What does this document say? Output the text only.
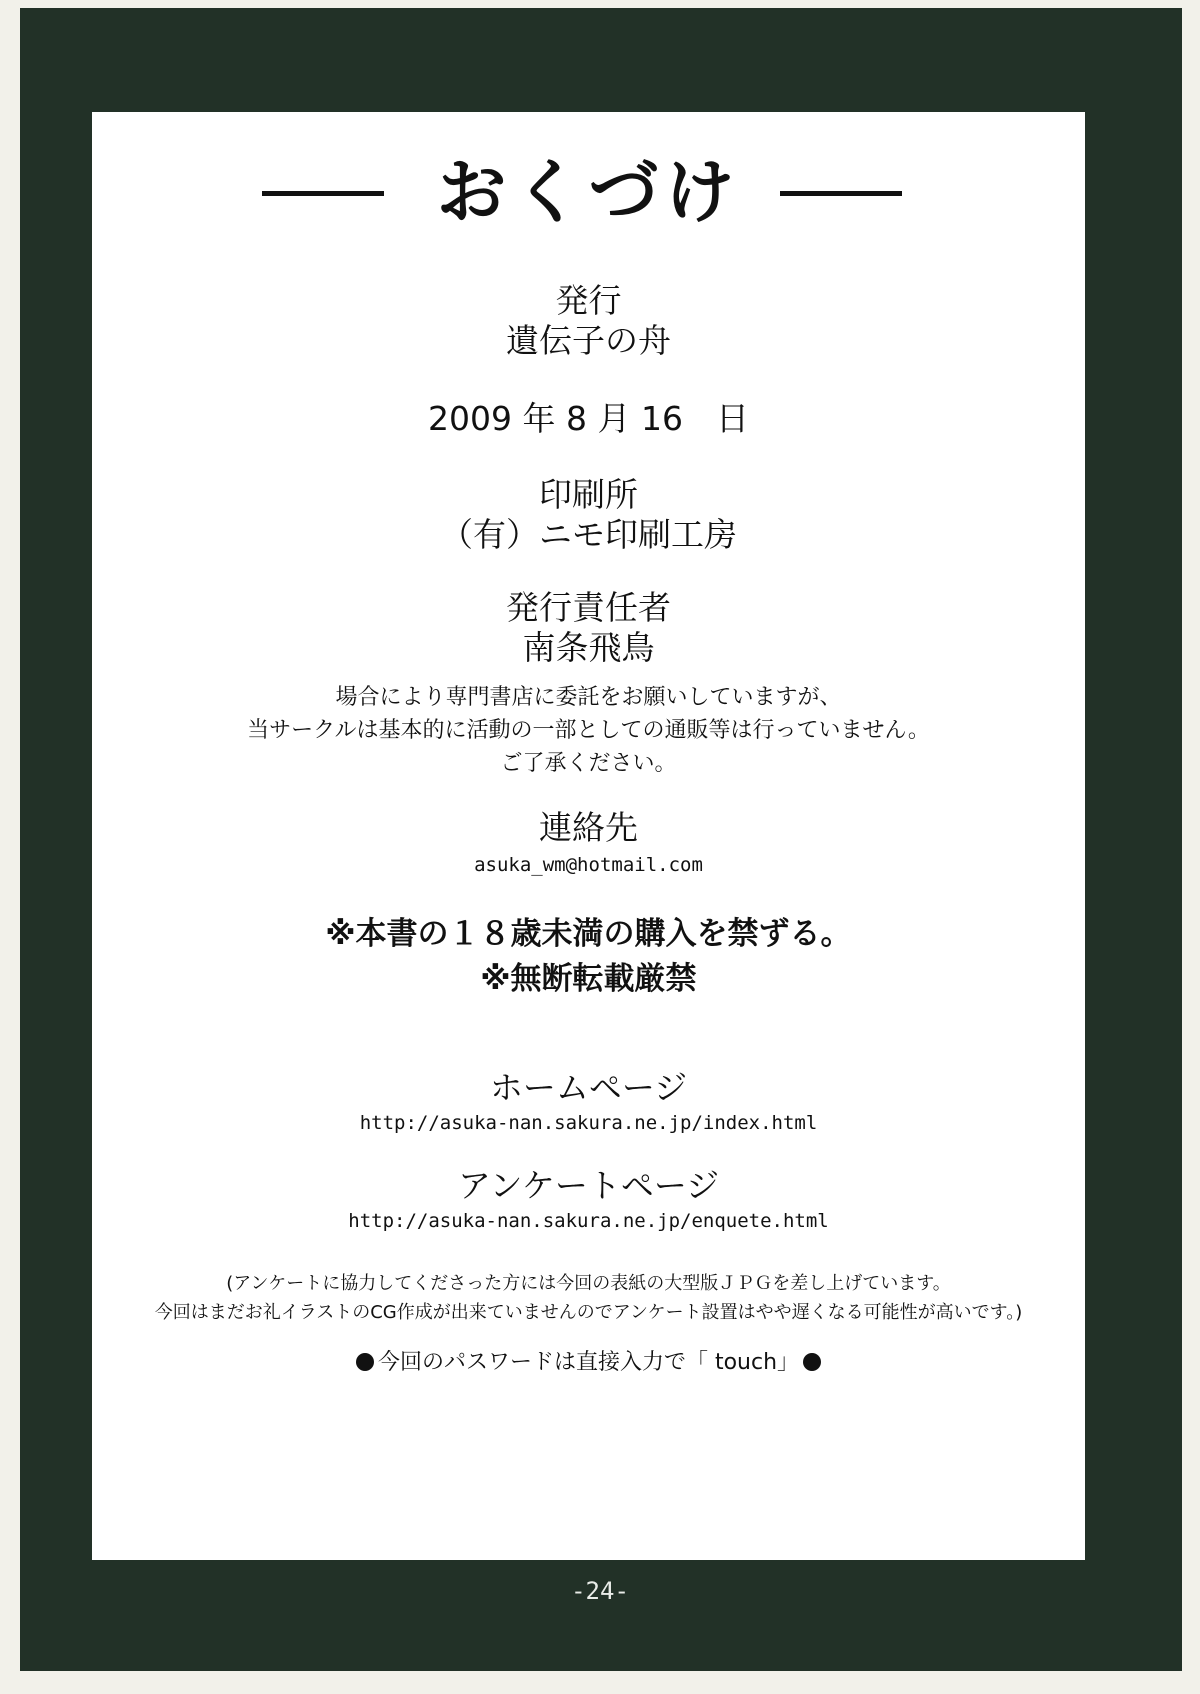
おくづけ
発行
遺伝子の舟
2009 年 8 月 16　日
印刷所
（有）ニモ印刷工房
発行責任者
南条飛鳥
場合により専門書店に委託をお願いしていますが、
当サークルは基本的に活動の一部としての通販等は行っていません。
ご了承ください。
連絡先
asuka_wm@hotmail.com
※本書の１８歳未満の購入を禁ずる。
※無断転載厳禁
ホームページ
http://asuka-nan.sakura.ne.jp/index.html
アンケートページ
http://asuka-nan.sakura.ne.jp/enquete.html
(アンケートに協力してくださった方には今回の表紙の大型版ＪＰＧを差し上げています。
今回はまだお礼イラストのCG作成が出来ていませんのでアンケート設置はやや遅くなる可能性が高いです。)
今回のパスワードは直接入力で「 touch」
-24-
